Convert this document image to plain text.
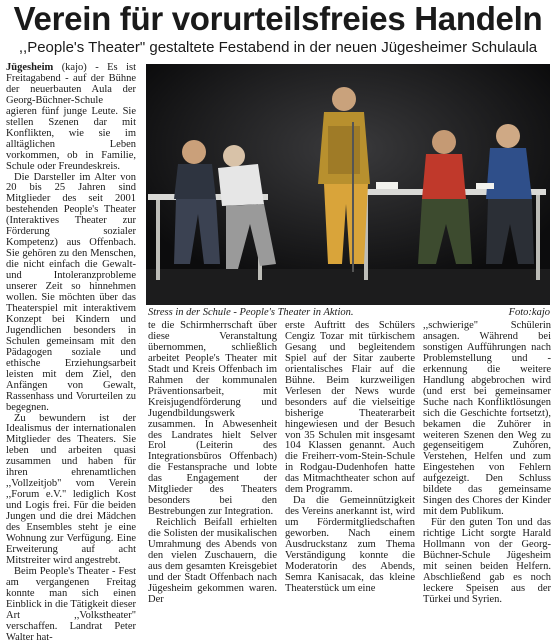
Verein für vorurteilsfreies Handeln
,,People's Theater" gestaltete Festabend in der neuen Jügesheimer Schulaula

Jügesheim (kajo) - Es ist Freitagabend - auf der Bühne der neuerbauten Aula der Georg-Büchner-Schule agieren fünf junge Leute. Sie stellen Szenen dar mit Konflikten, wie sie im alltäglichen Leben vorkommen, ob in Familie, Schule oder Freundeskreis.

Die Darsteller im Alter von 20 bis 25 Jahren sind Mitglieder des seit 2001 bestehenden People's Theater (Interaktives Theater zur Förderung sozialer Kompetenz) aus Offenbach. Sie gehören zu den Menschen, die nicht einfach die Gewalt- und Intoleranzprobleme unserer Zeit so hinnehmen wollen. Sie möchten über das Theaterspiel mit interaktivem Konzept bei Kindern und Jugendlichen besonders in Schulen gemeinsam mit den Pädagogen soziale und ethische Erziehungsarbeit leisten mit dem Ziel, den Anfängen von Gewalt, Rassenhass und Vorurteilen zu begegnen.

Zu bewundern ist der Idealismus der internationalen Mitglieder des Theaters. Sie leben und arbeiten quasi zusammen und haben für ihren ehrenamtlichen ,,Vollzeitjob" vom Verein ,,Forum e.V." lediglich Kost und Logis frei. Für die beiden Jungen und die drei Mädchen des Ensembles steht je eine Wohnung zur Verfügung. Eine Erweiterung auf acht Mitstreiter wird angestrebt.

Beim People's Theater - Fest am vergangenen Freitag konnte man sich einen Einblick in die Tätigkeit dieser Art ,,Volkstheater" verschaffen. Landrat Peter Walter hat-

Stress in der Schule - People's Theater in Aktion.	Foto:kajo

te die Schirmherrschaft über diese Veranstaltung übernommen, schließlich arbeitet People's Theater mit Stadt und Kreis Offenbach im Rahmen der kommunalen Präventionsarbeit, mit Kreisjugendförderung und Jugendbildungswerk zusammen. In Abwesenheit des Landrates hielt Selver Erol (Leiterin des Integrationsbüros Offenbach) die Festansprache und lobte das Engagement der Mitglieder des Theaters besonders bei den Bestrebungen zur Integration.

Reichlich Beifall erhielten die Solisten der musikalischen Umrahmung des Abends von den vielen Zuschauern, die aus dem gesamten Kreisgebiet und der Stadt Offenbach nach Jügesheim gekommen waren. Der

erste Auftritt des Schülers Cengiz Tozar mit türkischem Gesang und begleitendem Spiel auf der Sitar zauberte orientalisches Flair auf die Bühne. Beim kurzweiligen Verlesen der News wurde besonders auf die vielseitige bisherige Theaterarbeit hingewiesen und der Besuch von 35 Schulen mit insgesamt 104 Klassen genannt. Auch die Freiherr-vom-Stein-Schule in Rodgau-Dudenhofen hatte das Mitmachtheater schon auf dem Programm.

Da die Gemeinnützigkeit des Vereins anerkannt ist, wird um Fördermitgliedschaften geworben. Nach einem Ausdruckstanz zum Thema Verständigung konnte die Moderatorin des Abends, Semra Kanisacak, das kleine Theaterstück um eine

,,schwierige" Schülerin ansagen. Während bei sonstigen Aufführungen nach Problemstellung und -erkennung die weitere Handlung abgebrochen wird (und erst bei gemeinsamer Suche nach Konfliktlösungen sich die Geschichte fortsetzt), bekamen die Zuhörer in weiteren Szenen den Weg zu gegenseitigem Zuhören, Verstehen, Helfen und zum Eingestehen von Fehlern aufgezeigt. Den Schluss bildete das gemeinsame Singen des Chores der Kinder mit dem Publikum.

Für den guten Ton und das richtige Licht sorgte Harald Hollmann von der Georg-Büchner-Schule Jügesheim mit seinen beiden Helfern. Abschließend gab es noch leckere Speisen aus der Türkei und Syrien.
